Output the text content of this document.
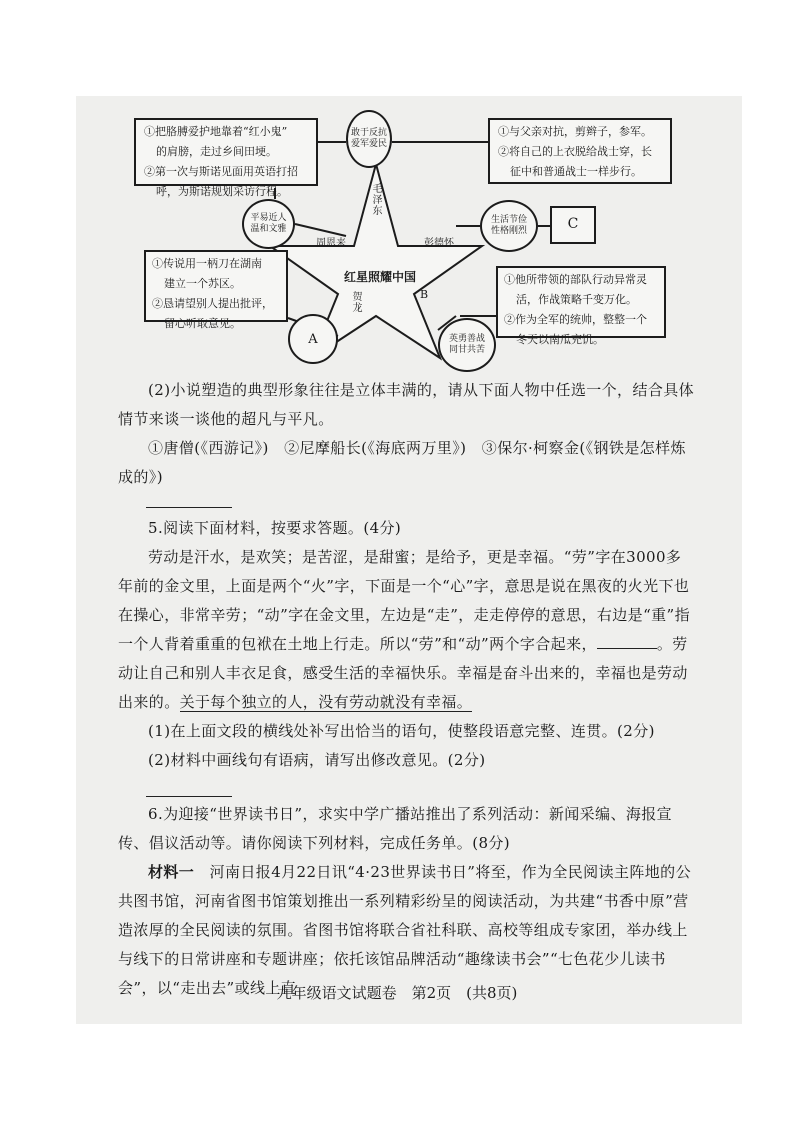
①把胳膊爱护地靠着“红小鬼”
的肩膀，走过乡间田埂。
②第一次与斯诺见面用英语打招
呼，为斯诺规划采访行程。
敢于反抗 爱军爱民
①与父亲对抗，剪辫子，参军。
②将自己的上衣脱给战士穿，长
征中和普通战士一样步行。
平易近人 温和文雅
毛泽东
周恩来	彭德怀
红星照耀中国
贺龙
B
生活节俭 性格刚烈	C
①传说用一柄刀在湖南
建立一个苏区。
②恳请望别人提出批评，
留心听取意见。
①他所带领的部队行动异常灵
活，作战策略千变万化。
②作为全军的统帅，整整一个
冬天以南瓜充饥。
A	英勇善战 同甘共苦

(2)小说塑造的典型形象往往是立体丰满的，请从下面人物中任选一个，结合具体情节来谈一谈他的超凡与平凡。

①唐僧(《西游记》)　②尼摩船长(《海底两万里》)　③保尔·柯察金(《钢铁是怎样炼

成的》)

5.阅读下面材料，按要求答题。(4分)

劳动是汗水，是欢笑；是苦涩，是甜蜜；是给予，更是幸福。“劳”字在3000多年前的金文里，上面是两个“火”字，下面是一个“心”字，意思是说在黑夜的火光下也在操心，非常辛劳；“动”字在金文里，左边是“走”，走走停停的意思，右边是“重”指一个人背着重重的包袱在土地上行走。所以“劳”和“动”两个字合起来，	。劳动让自己和别人丰衣足食，感受生活的幸福快乐。幸福是奋斗出来的，幸福也是劳动出来的。关于每个独立的人，没有劳动就没有幸福。

(1)在上面文段的横线处补写出恰当的语句，使整段语意完整、连贯。(2分)

(2)材料中画线句有语病，请写出修改意见。(2分)

6.为迎接“世界读书日”，求实中学广播站推出了系列活动：新闻采编、海报宣传、倡议活动等。请你阅读下列材料，完成任务单。(8分)

材料一　河南日报4月22日讯“4·23世界读书日”将至，作为全民阅读主阵地的公共图书馆，河南省图书馆策划推出一系列精彩纷呈的阅读活动，为共建“书香中原”营造浓厚的全民阅读的氛围。省图书馆将联合省社科联、高校等组成专家团，举办线上与线下的日常讲座和专题讲座；依托该馆品牌活动“趣缘读书会”“七色花少儿读书会”，以“走出去”或线上直

九年级语文试题卷　第2页　(共8页)
